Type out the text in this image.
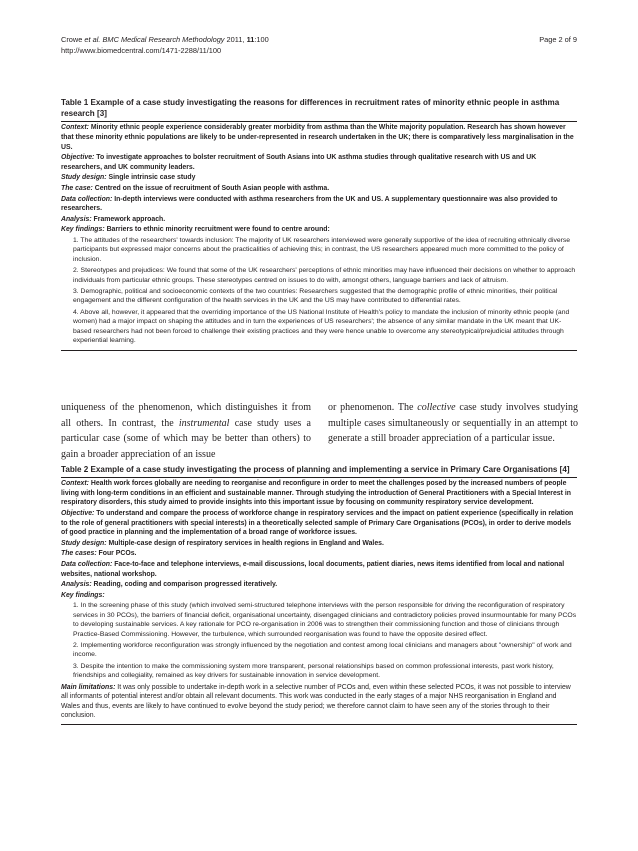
Crowe et al. BMC Medical Research Methodology 2011, 11:100
http://www.biomedcentral.com/1471-2288/11/100
Page 2 of 9
Table 1 Example of a case study investigating the reasons for differences in recruitment rates of minority ethnic people in asthma research [3]
Context: Minority ethnic people experience considerably greater morbidity from asthma than the White majority population. Research has shown however that these minority ethnic populations are likely to be under-represented in research undertaken in the UK; there is comparatively less marginalisation in the US.
Objective: To investigate approaches to bolster recruitment of South Asians into UK asthma studies through qualitative research with US and UK researchers, and UK community leaders.
Study design: Single intrinsic case study
The case: Centred on the issue of recruitment of South Asian people with asthma.
Data collection: In-depth interviews were conducted with asthma researchers from the UK and US. A supplementary questionnaire was also provided to researchers.
Analysis: Framework approach.
Key findings: Barriers to ethnic minority recruitment were found to centre around:
1. The attitudes of the researchers' towards inclusion: The majority of UK researchers interviewed were generally supportive of the idea of recruiting ethnically diverse participants but expressed major concerns about the practicalities of achieving this; in contrast, the US researchers appeared much more committed to the policy of inclusion.
2. Stereotypes and prejudices: We found that some of the UK researchers' perceptions of ethnic minorities may have influenced their decisions on whether to approach individuals from particular ethnic groups. These stereotypes centred on issues to do with, amongst others, language barriers and lack of altruism.
3. Demographic, political and socioeconomic contexts of the two countries: Researchers suggested that the demographic profile of ethnic minorities, their political engagement and the different configuration of the health services in the UK and the US may have contributed to differential rates.
4. Above all, however, it appeared that the overriding importance of the US National Institute of Health's policy to mandate the inclusion of minority ethnic people (and women) had a major impact on shaping the attitudes and in turn the experiences of US researchers'; the absence of any similar mandate in the UK meant that UK-based researchers had not been forced to challenge their existing practices and they were hence unable to overcome any stereotypical/prejudicial attitudes through experiential learning.
uniqueness of the phenomenon, which distinguishes it from all others. In contrast, the instrumental case study uses a particular case (some of which may be better than others) to gain a broader appreciation of an issue
or phenomenon. The collective case study involves studying multiple cases simultaneously or sequentially in an attempt to generate a still broader appreciation of a particular issue.
Table 2 Example of a case study investigating the process of planning and implementing a service in Primary Care Organisations [4]
Context: Health work forces globally are needing to reorganise and reconfigure in order to meet the challenges posed by the increased numbers of people living with long-term conditions in an efficient and sustainable manner. Through studying the introduction of General Practitioners with a Special Interest in respiratory disorders, this study aimed to provide insights into this important issue by focusing on community respiratory service development.
Objective: To understand and compare the process of workforce change in respiratory services and the impact on patient experience (specifically in relation to the role of general practitioners with special interests) in a theoretically selected sample of Primary Care Organisations (PCOs), in order to derive models of good practice in planning and the implementation of a broad range of workforce issues.
Study design: Multiple-case design of respiratory services in health regions in England and Wales.
The cases: Four PCOs.
Data collection: Face-to-face and telephone interviews, e-mail discussions, local documents, patient diaries, news items identified from local and national websites, national workshop.
Analysis: Reading, coding and comparison progressed iteratively.
Key findings:
1. In the screening phase of this study (which involved semi-structured telephone interviews with the person responsible for driving the reconfiguration of respiratory services in 30 PCOs), the barriers of financial deficit, organisational uncertainty, disengaged clinicians and contradictory policies proved insurmountable for many PCOs to developing sustainable services. A key rationale for PCO re-organisation in 2006 was to strengthen their commissioning function and those of clinicians through Practice-Based Commissioning. However, the turbulence, which surrounded reorganisation was found to have the opposite desired effect.
2. Implementing workforce reconfiguration was strongly influenced by the negotiation and contest among local clinicians and managers about "ownership" of work and income.
3. Despite the intention to make the commissioning system more transparent, personal relationships based on common professional interests, past work history, friendships and collegiality, remained as key drivers for sustainable innovation in service development.
Main limitations: It was only possible to undertake in-depth work in a selective number of PCOs and, even within these selected PCOs, it was not possible to interview all informants of potential interest and/or obtain all relevant documents. This work was conducted in the early stages of a major NHS reorganisation in England and Wales and thus, events are likely to have continued to evolve beyond the study period; we therefore cannot claim to have seen any of the stories through to their conclusion.
